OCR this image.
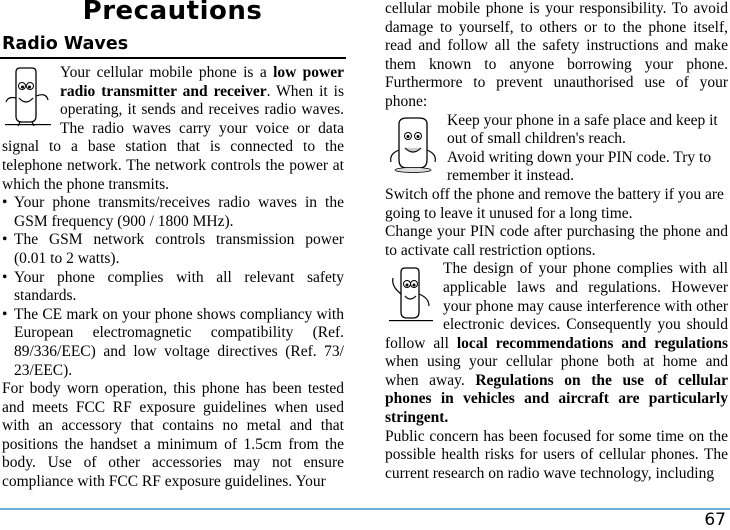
Precautions
Radio Waves

Your cellular mobile phone is a low power radio transmitter and receiver. When it is operating, it sends and receives radio waves. The radio waves carry your voice or data signal to a base station that is connected to the telephone network. The network controls the power at which the phone transmits.

• Your phone transmits/receives radio waves in the GSM frequency (900 / 1800 MHz).
• The GSM network controls transmission power (0.01 to 2 watts).
• Your phone complies with all relevant safety standards.
• The CE mark on your phone shows compliancy with European electromagnetic compatibility (Ref. 89/336/EEC) and low voltage directives (Ref. 73/ 23/EEC).

For body worn operation, this phone has been tested and meets FCC RF exposure guidelines when used with an accessory that contains no metal and that positions the handset a minimum of 1.5cm from the body. Use of other accessories may not ensure compliance with FCC RF exposure guidelines. Your

cellular mobile phone is your responsibility. To avoid damage to yourself, to others or to the phone itself, read and follow all the safety instructions and make them known to anyone borrowing your phone. Furthermore to prevent unauthorised use of your phone:

Keep your phone in a safe place and keep it out of small children's reach.

Avoid writing down your PIN code. Try to remember it instead.

Switch off the phone and remove the battery if you are going to leave it unused for a long time.

Change your PIN code after purchasing the phone and to activate call restriction options.

The design of your phone complies with all applicable laws and regulations. However your phone may cause interference with other electronic devices. Consequently you should follow all local recommendations and regulations when using your cellular phone both at home and when away. Regulations on the use of cellular phones in vehicles and aircraft are particularly stringent.

Public concern has been focused for some time on the possible health risks for users of cellular phones. The current research on radio wave technology, including

67
